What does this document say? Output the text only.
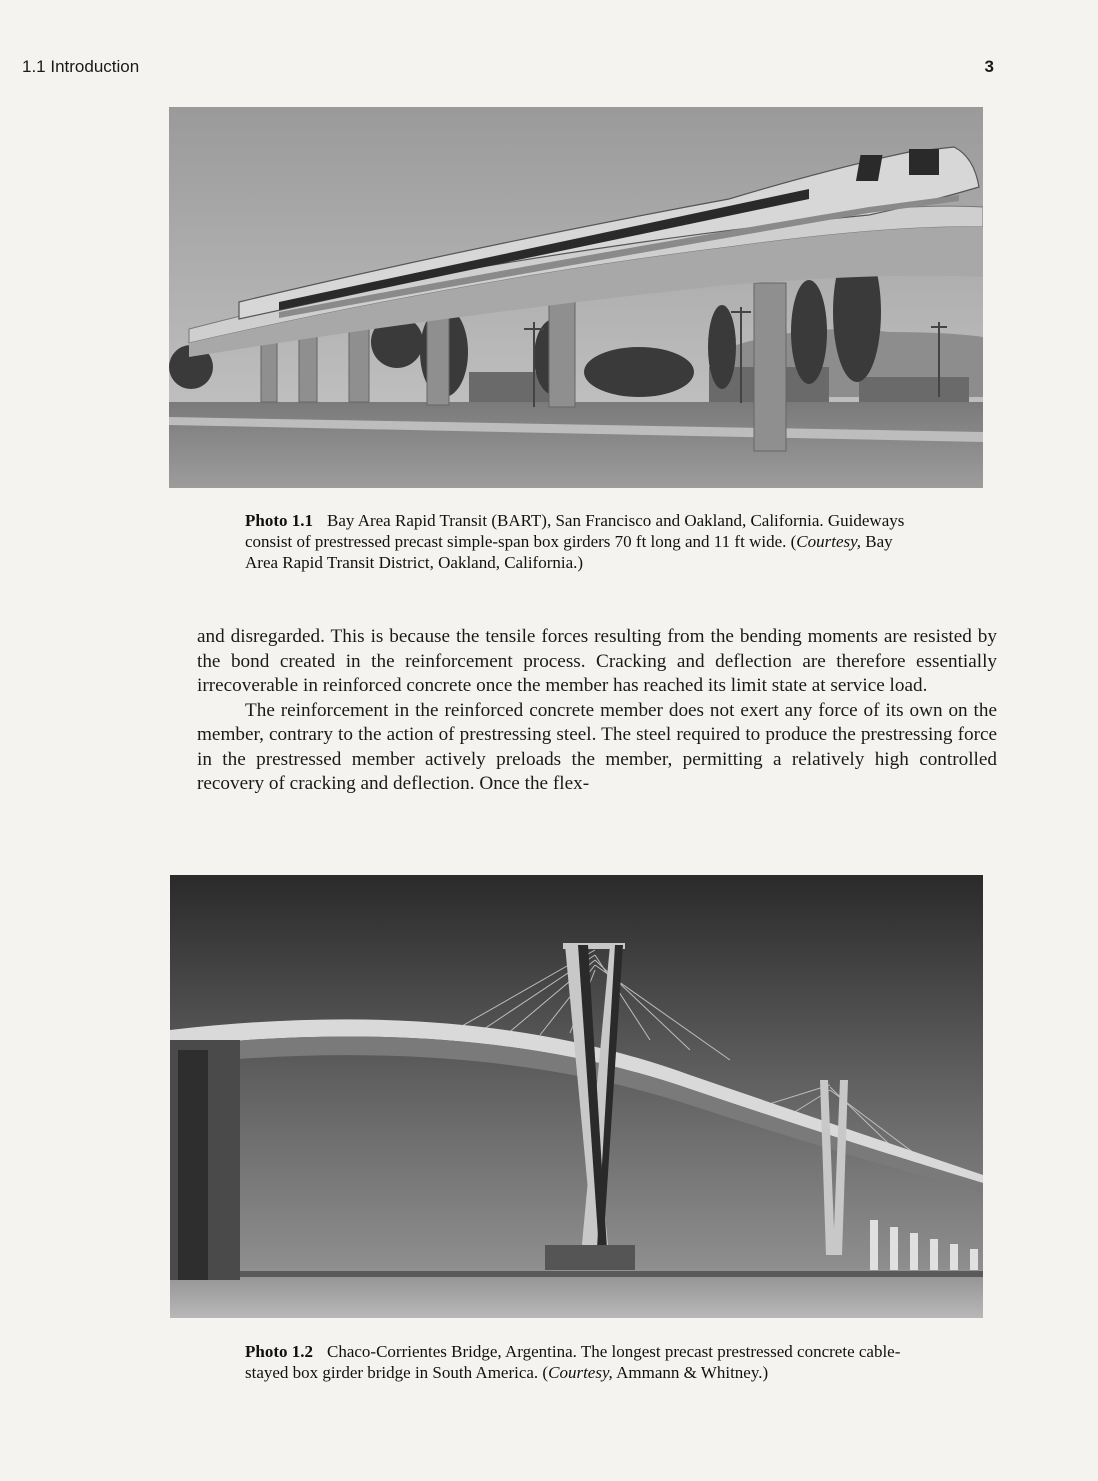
1.1 Introduction	3
Photo 1.1 Bay Area Rapid Transit (BART), San Francisco and Oakland, California. Guideways consist of prestressed precast simple-span box girders 70 ft long and 11 ft wide. (Courtesy, Bay Area Rapid Transit District, Oakland, California.)

and disregarded. This is because the tensile forces resulting from the bending moments are resisted by the bond created in the reinforcement process. Cracking and deflection are therefore essentially irrecoverable in reinforced concrete once the member has reached its limit state at service load.

The reinforcement in the reinforced concrete member does not exert any force of its own on the member, contrary to the action of prestressing steel. The steel required to produce the prestressing force in the prestressed member actively preloads the member, permitting a relatively high controlled recovery of cracking and deflection. Once the flex-

Photo 1.2 Chaco-Corrientes Bridge, Argentina. The longest precast prestressed concrete cable-stayed box girder bridge in South America. (Courtesy, Ammann & Whitney.)
